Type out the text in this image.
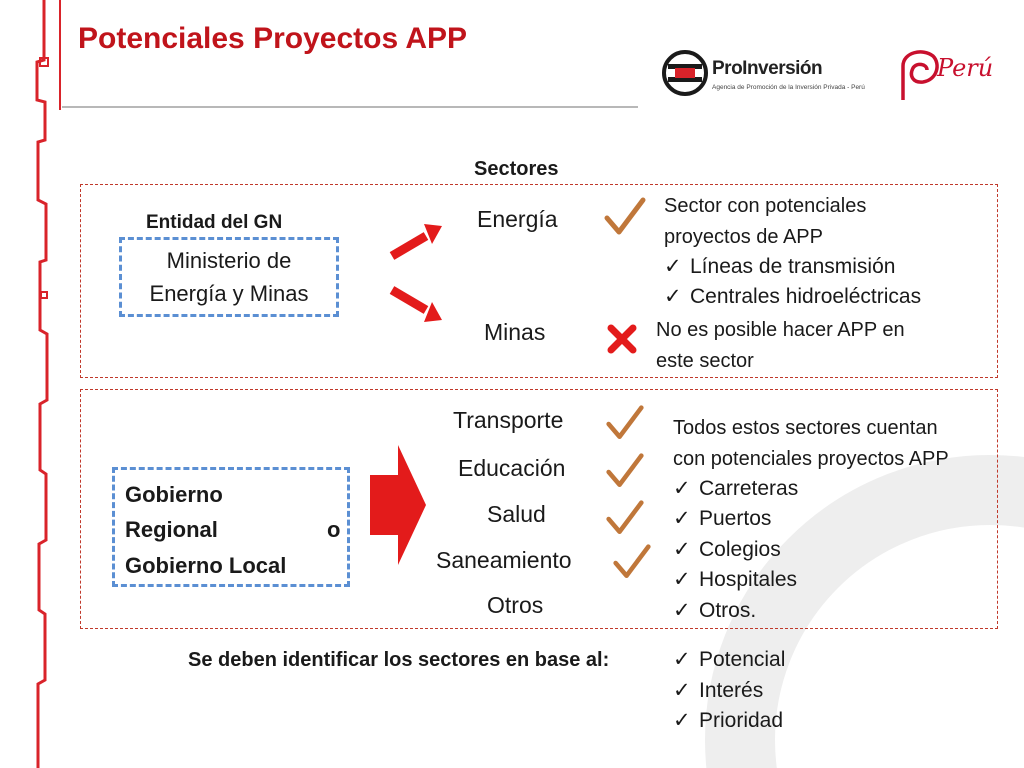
Potenciales Proyectos APP
ProInversión
Agencia de Promoción de la Inversión Privada - Perú
Perú
Sectores
Entidad del GN
Ministerio de
Energía y Minas
Energía
Minas
Sector con potenciales
proyectos de APP
✓ Líneas de transmisión
✓ Centrales hidroeléctricas
No es posible hacer APP en
este sector
Gobierno
Regional	o
Gobierno Local
Transporte
Educación
Salud
Saneamiento
Otros
Todos estos sectores cuentan
con potenciales proyectos APP
✓ Carreteras
✓ Puertos
✓ Colegios
✓ Hospitales
✓ Otros.
Se deben identificar los sectores en base al:	✓ Potencial
✓ Interés
✓ Prioridad
